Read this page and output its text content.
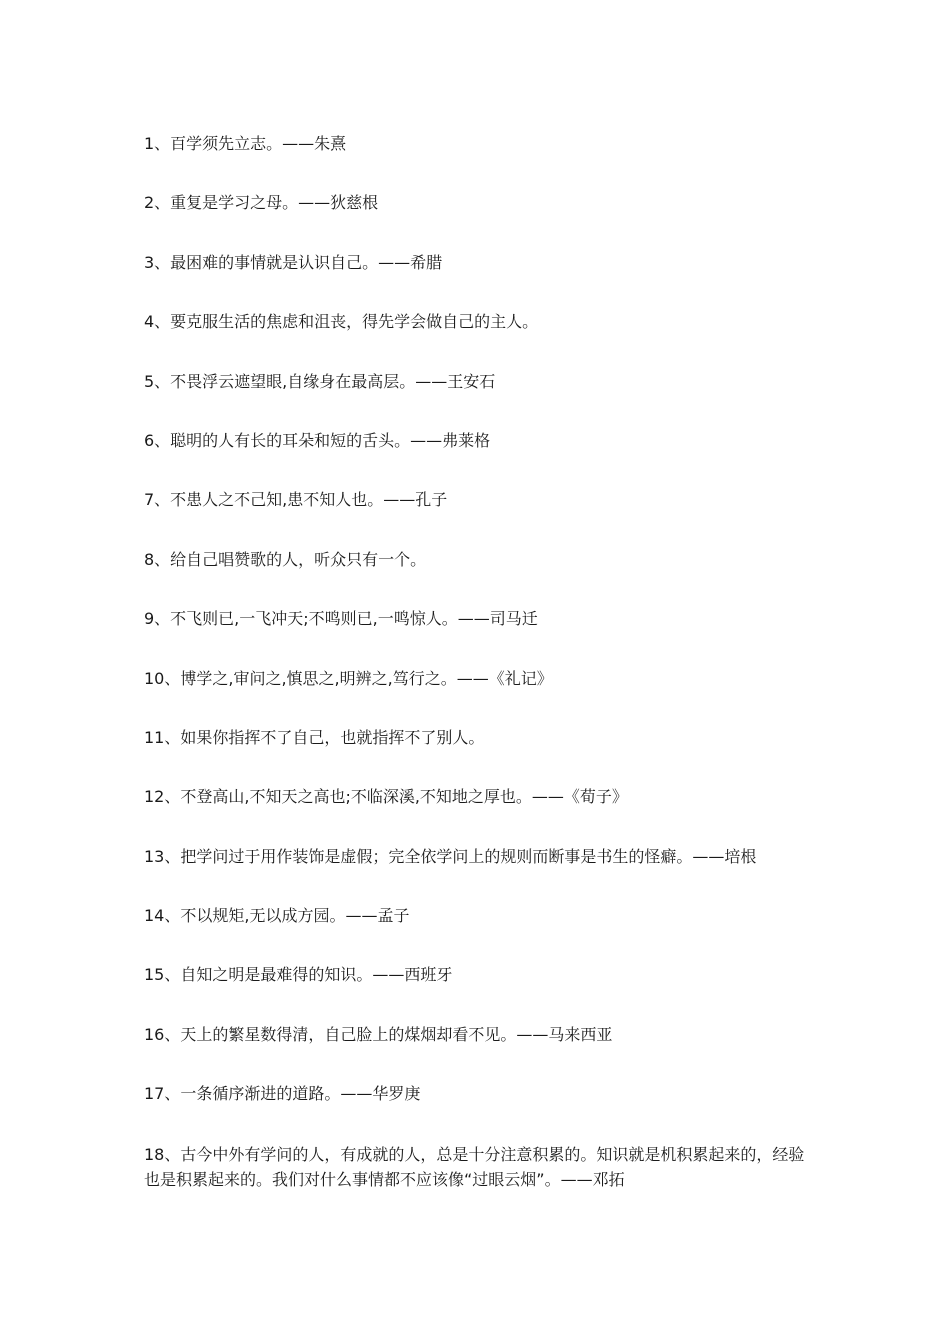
1、百学须先立志。——朱熹
2、重复是学习之母。——狄慈根
3、最困难的事情就是认识自己。——希腊
4、要克服生活的焦虑和沮丧，得先学会做自己的主人。
5、不畏浮云遮望眼,自缘身在最高层。——王安石
6、聪明的人有长的耳朵和短的舌头。——弗莱格
7、不患人之不己知,患不知人也。——孔子
8、给自己唱赞歌的人，听众只有一个。
9、不飞则已,一飞冲天;不鸣则已,一鸣惊人。——司马迁
10、博学之,审问之,慎思之,明辨之,笃行之。——《礼记》
11、如果你指挥不了自己，也就指挥不了别人。
12、不登高山,不知天之高也;不临深溪,不知地之厚也。——《荀子》
13、把学问过于用作装饰是虚假；完全依学问上的规则而断事是书生的怪癖。——培根
14、不以规矩,无以成方园。——孟子
15、自知之明是最难得的知识。——西班牙
16、天上的繁星数得清，自己脸上的煤烟却看不见。——马来西亚
17、一条循序渐进的道路。——华罗庚
18、古今中外有学问的人，有成就的人，总是十分注意积累的。知识就是机积累起来的，经验也是积累起来的。我们对什么事情都不应该像“过眼云烟”。——邓拓
